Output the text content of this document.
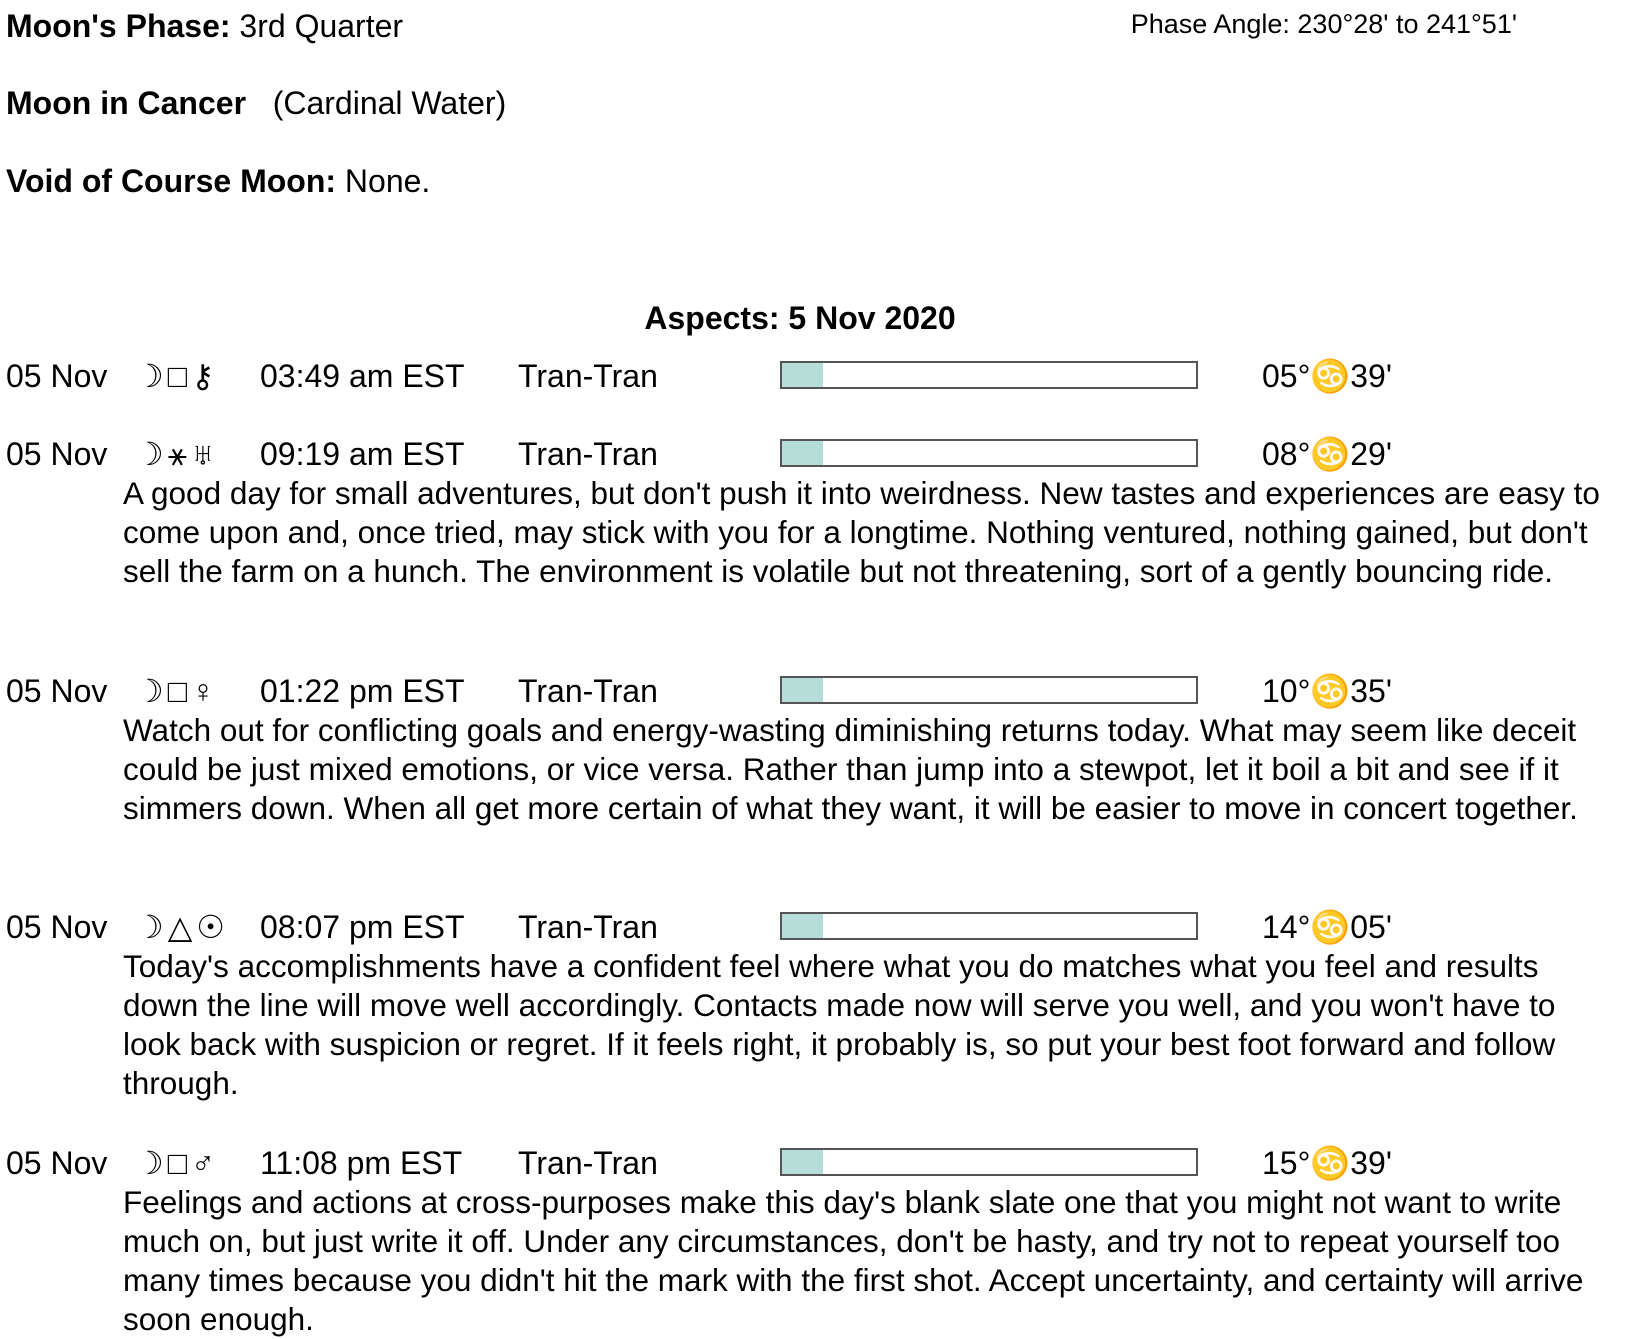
Moon's Phase: 3rd Quarter	Phase Angle: 230°28' to 241°51'
Moon in Cancer (Cardinal Water)
Void of Course Moon: None.
Aspects: 5 Nov 2020
05 Nov ☽□⚷ 03:49 am EST Tran-Tran	05°♋39'
05 Nov ☽⚹♅ 09:19 am EST Tran-Tran	08°♋29'
A good day for small adventures, but don't push it into weirdness. New tastes and experiences are easy to come upon and, once tried, may stick with you for a longtime. Nothing ventured, nothing gained, but don't sell the farm on a hunch. The environment is volatile but not threatening, sort of a gently bouncing ride.
05 Nov ☽□♀ 01:22 pm EST Tran-Tran	10°♋35'
Watch out for conflicting goals and energy-wasting diminishing returns today. What may seem like deceit could be just mixed emotions, or vice versa. Rather than jump into a stewpot, let it boil a bit and see if it simmers down. When all get more certain of what they want, it will be easier to move in concert together.
05 Nov ☽△☉ 08:07 pm EST Tran-Tran	14°♋05'
Today's accomplishments have a confident feel where what you do matches what you feel and results down the line will move well accordingly. Contacts made now will serve you well, and you won't have to look back with suspicion or regret. If it feels right, it probably is, so put your best foot forward and follow through.
05 Nov ☽□♂ 11:08 pm EST Tran-Tran	15°♋39'
Feelings and actions at cross-purposes make this day's blank slate one that you might not want to write much on, but just write it off. Under any circumstances, don't be hasty, and try not to repeat yourself too many times because you didn't hit the mark with the first shot. Accept uncertainty, and certainty will arrive soon enough.
